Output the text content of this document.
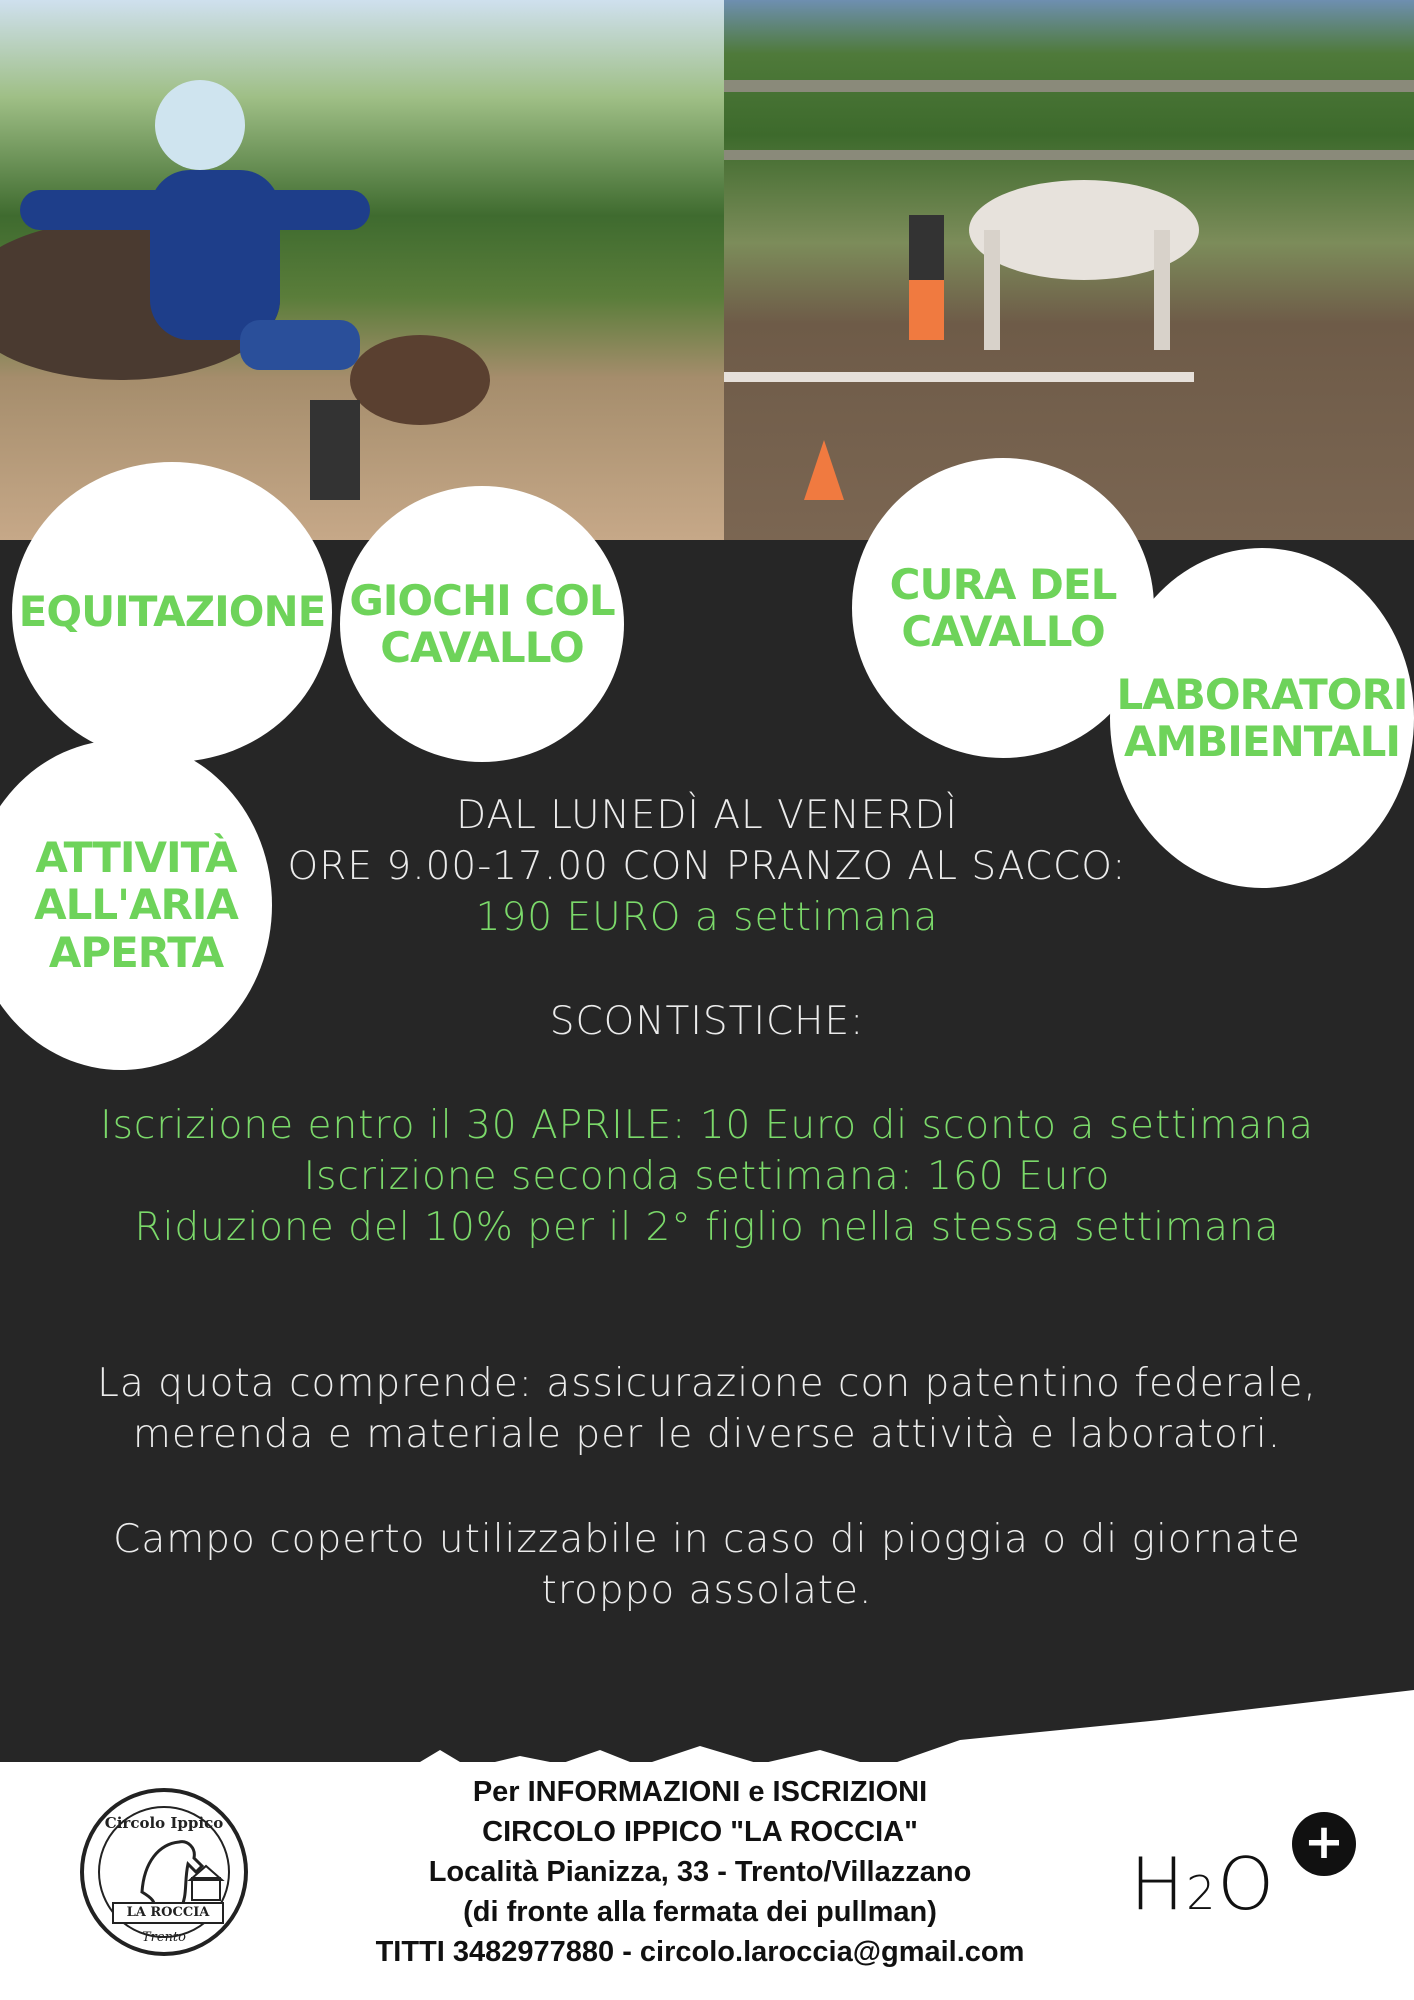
EQUITAZIONE GIOCHI COL
CAVALLO
CURA DEL
CAVALLO
LABORATORI
AMBIENTALI
ATTIVITÀ
ALL'ARIA
APERTA
DAL LUNEDÌ AL VENERDÌ
ORE 9.00-17.00 CON PRANZO AL SACCO:
190 EURO a settimana
SCONTISTICHE:
Iscrizione entro il 30 APRILE: 10 Euro di sconto a settimana
Iscrizione seconda settimana: 160 Euro
Riduzione del 10% per il 2° figlio nella stessa settimana
La quota comprende: assicurazione con patentino federale,
merenda e materiale per le diverse attività e laboratori.
Campo coperto utilizzabile in caso di pioggia o di giornate
troppo assolate.
Circolo Ippico
LA ROCCIA
Trento
Per INFORMAZIONI e ISCRIZIONI
CIRCOLO IPPICO "LA ROCCIA"
Località Pianizza, 33 - Trento/Villazzano
(di fronte alla fermata dei pullman)
TITTI 3482977880 - circolo.laroccia@gmail.com
H2O +
